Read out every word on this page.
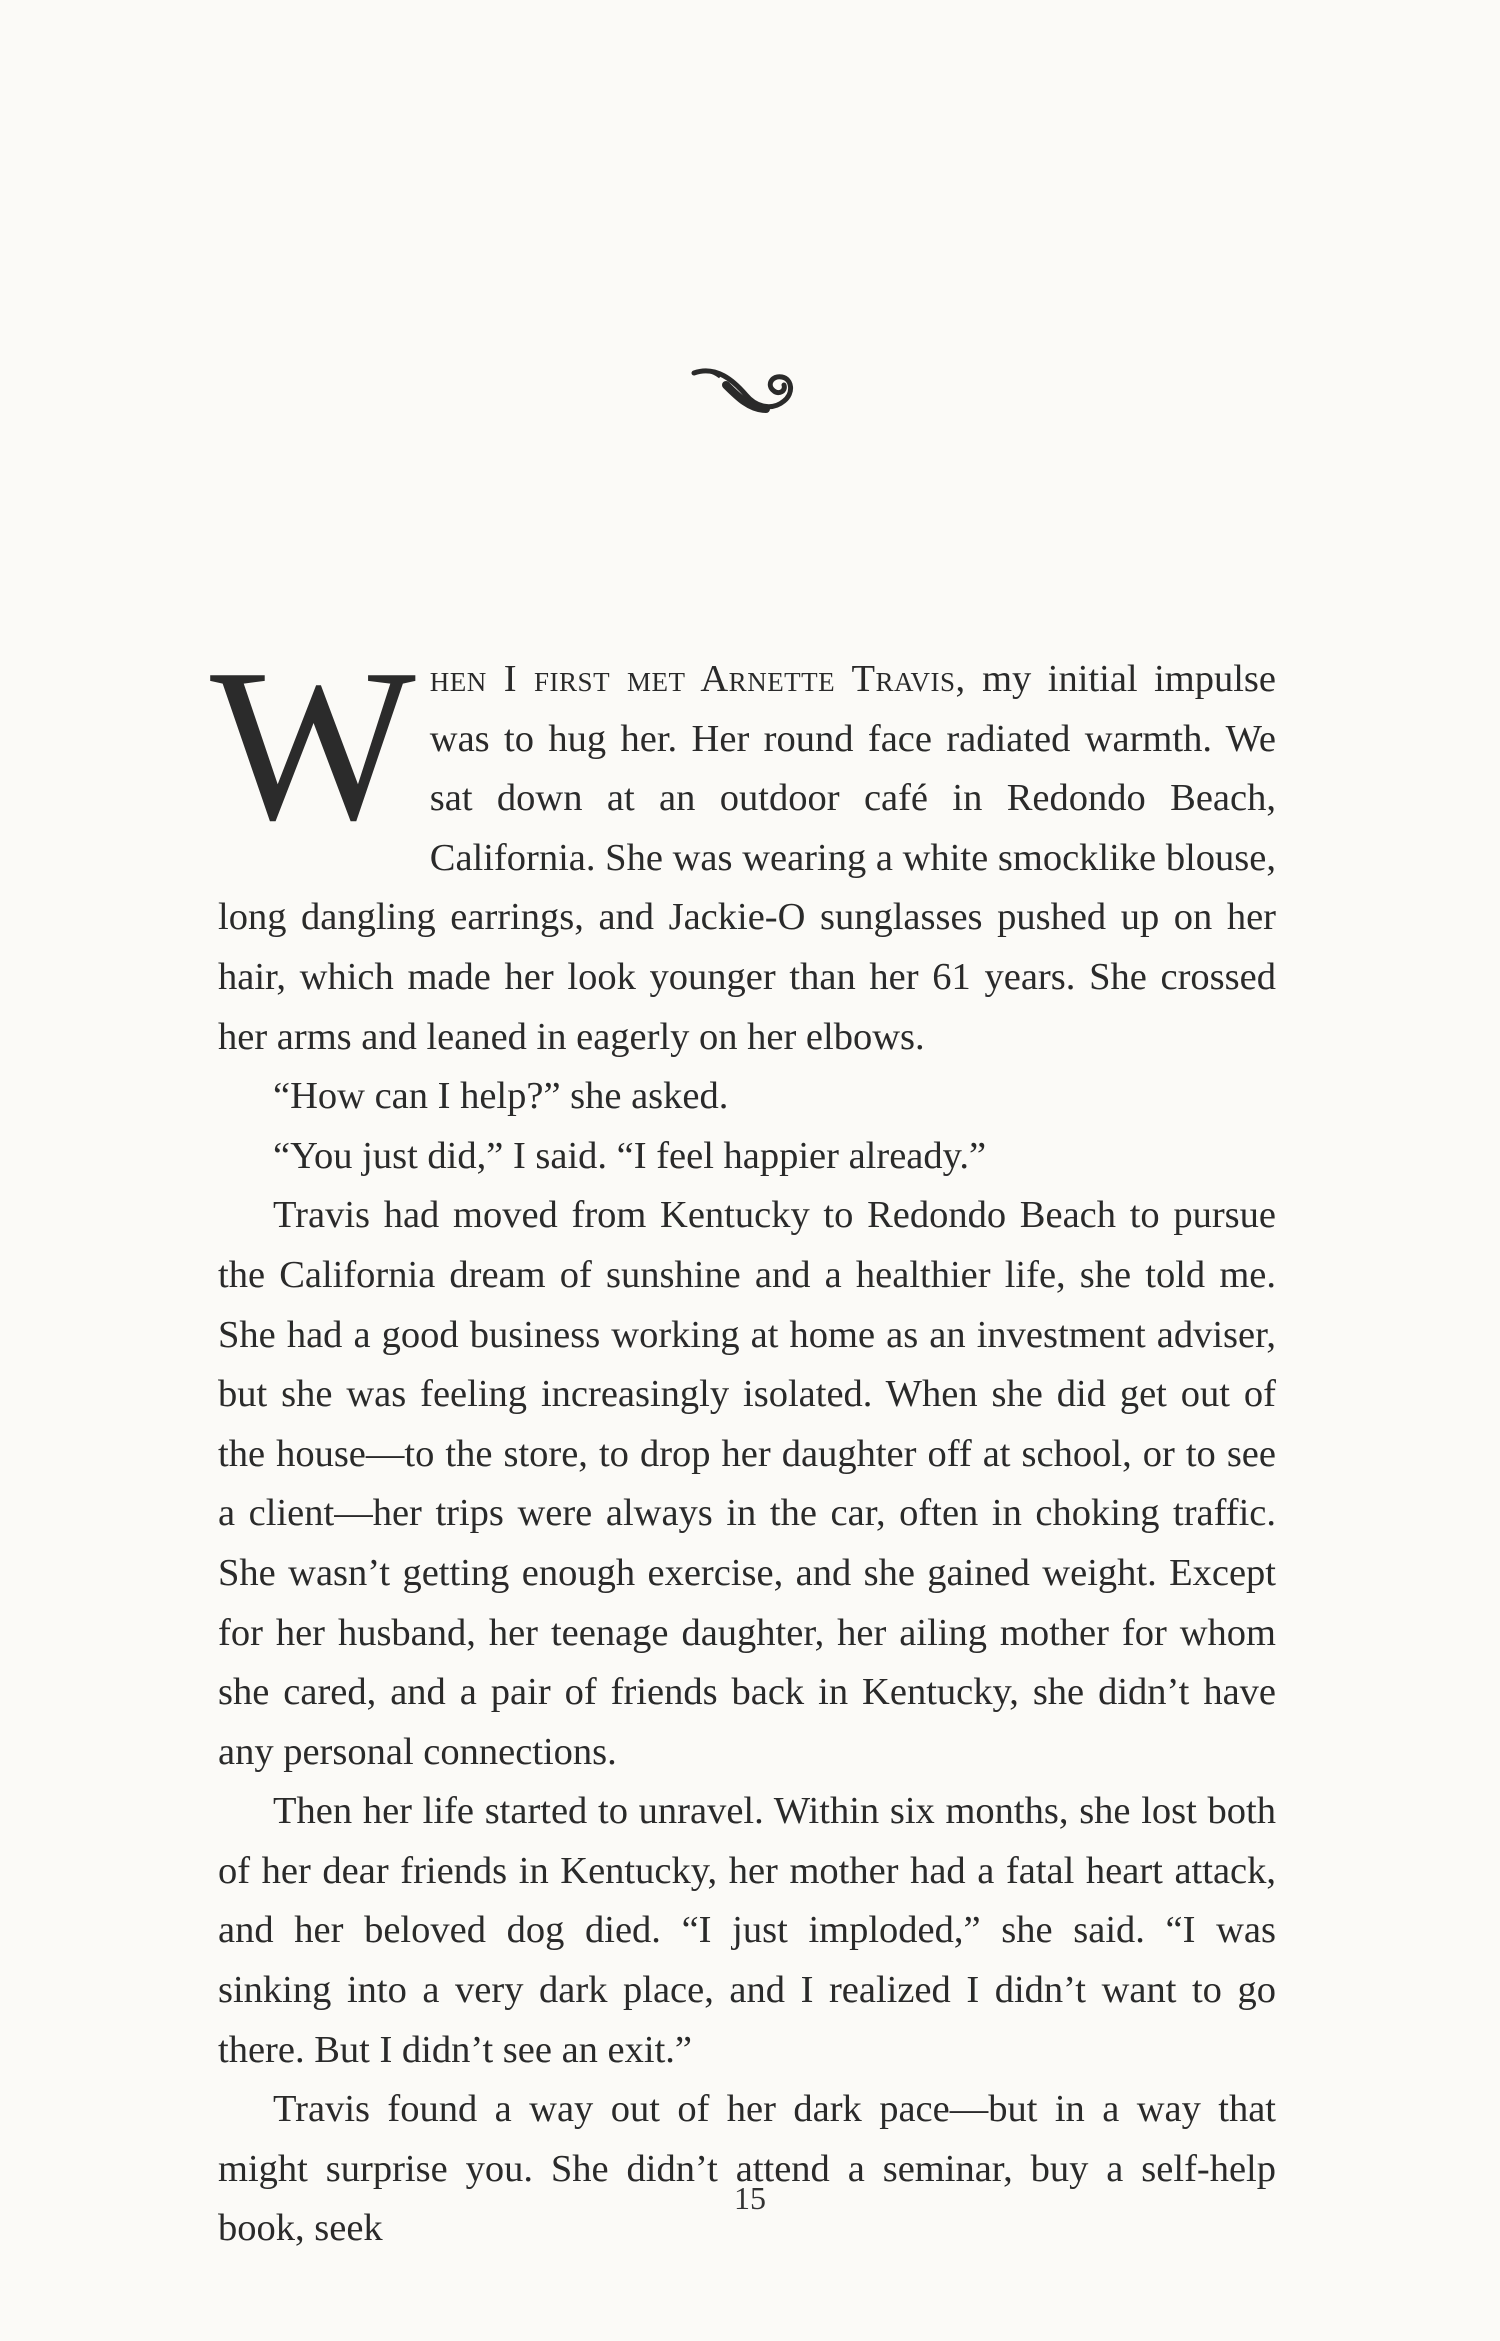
When I first met Arnette Travis, my initial impulse was to hug her. Her round face radiated warmth. We sat down at an outdoor café in Redondo Beach, California. She was wearing a white smocklike blouse, long dangling earrings, and Jackie-O sunglasses pushed up on her hair, which made her look younger than her 61 years. She crossed her arms and leaned in eagerly on her elbows.

“How can I help?” she asked.

“You just did,” I said. “I feel happier already.”

Travis had moved from Kentucky to Redondo Beach to pursue the California dream of sunshine and a healthier life, she told me. She had a good business working at home as an investment adviser, but she was feeling increasingly isolated. When she did get out of the house—to the store, to drop her daughter off at school, or to see a client—her trips were always in the car, often in choking traffic. She wasn’t getting enough exercise, and she gained weight. Except for her husband, her teenage daughter, her ailing mother for whom she cared, and a pair of friends back in Kentucky, she didn’t have any personal connections.

Then her life started to unravel. Within six months, she lost both of her dear friends in Kentucky, her mother had a fatal heart attack, and her beloved dog died. “I just imploded,” she said. “I was sinking into a very dark place, and I realized I didn’t want to go there. But I didn’t see an exit.”

Travis found a way out of her dark pace—but in a way that might surprise you. She didn’t attend a seminar, buy a self-help book, seek

15
